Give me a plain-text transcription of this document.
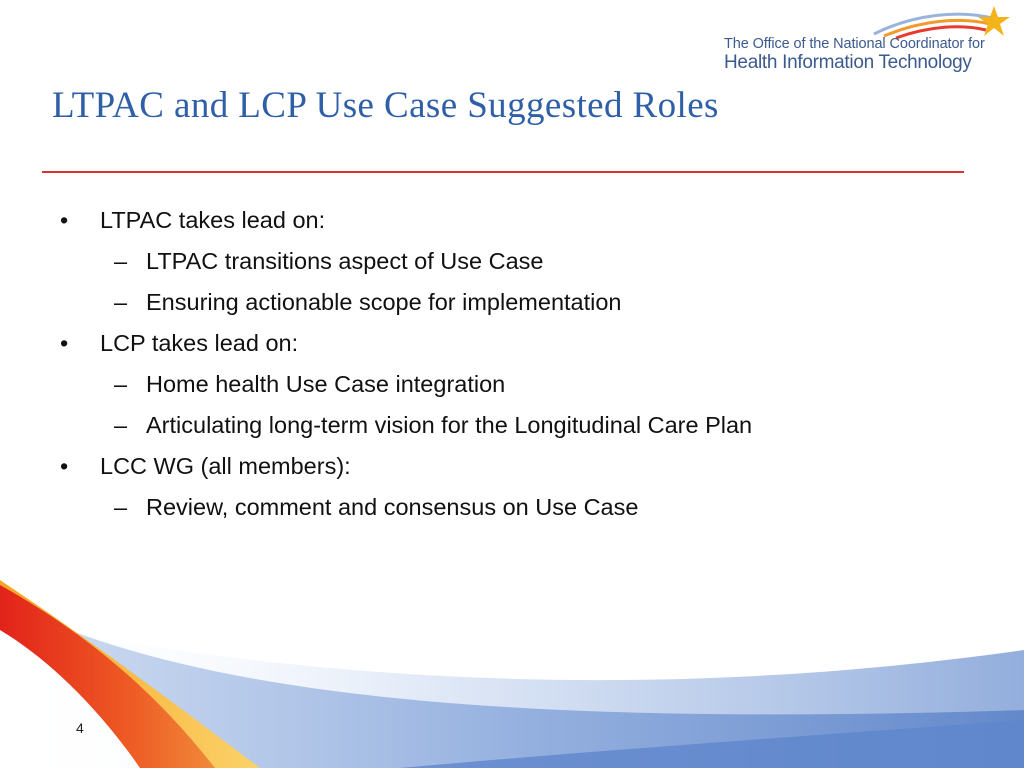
The Office of the National Coordinator for
Health Information Technology
LTPAC and LCP Use Case Suggested Roles
• LTPAC takes lead on:
– LTPAC transitions aspect of Use Case
– Ensuring actionable scope for implementation
• LCP takes lead on:
– Home health Use Case integration
– Articulating long-term vision for the Longitudinal Care Plan
• LCC WG (all members):
– Review, comment and consensus on Use Case
4
